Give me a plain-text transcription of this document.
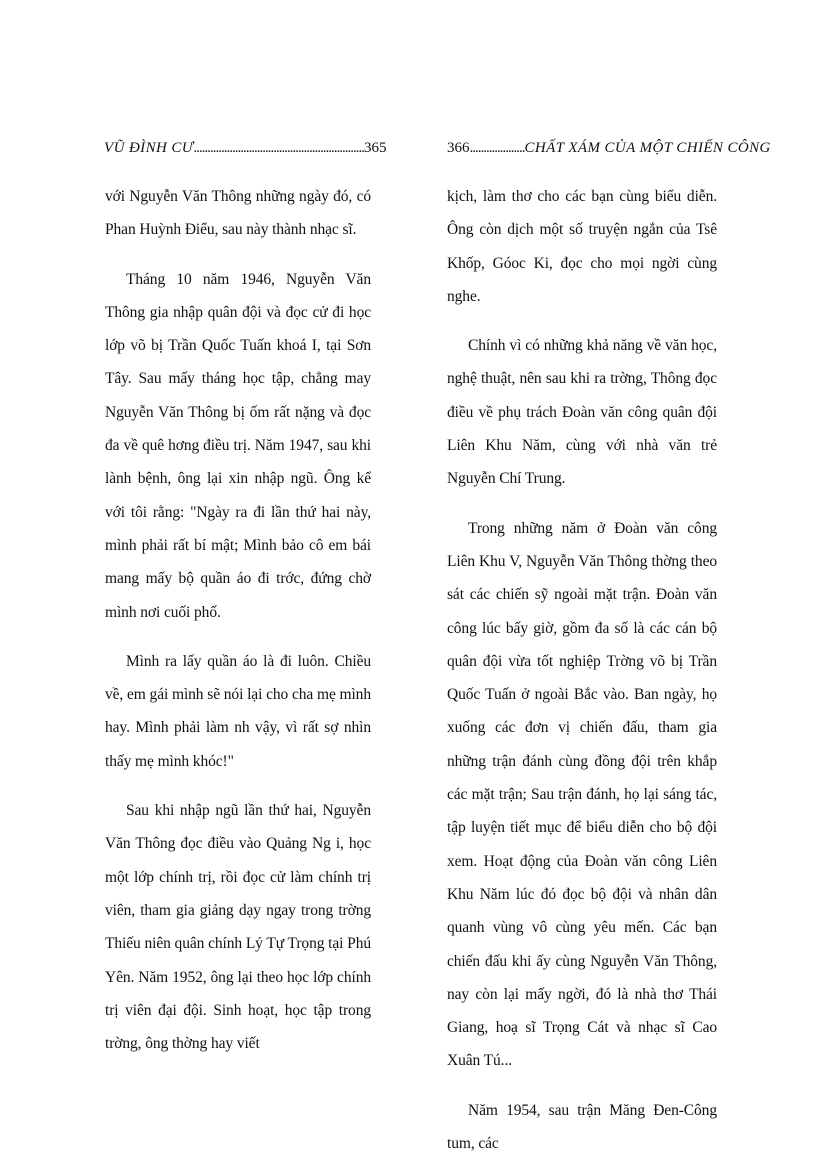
VŨ ĐÌNH CƯ .............................................................. 365	366 .................... CHẤT XÁM CỦA MỘT CHIẾN CÔNG

với Nguyễn Văn Thông những ngày đó, có Phan Huỳnh Điểu, sau này thành nhạc sĩ.

Tháng 10 năm 1946, Nguyễn Văn Thông gia nhập quân đội và đọc cử đi học lớp võ bị Trần Quốc Tuấn khoá I, tại Sơn Tây. Sau mấy tháng học tập, chẳng may Nguyễn Văn Thông bị ốm rất nặng và đọc đa về quê hơng điều trị. Năm 1947, sau khi lành bệnh, ông lại xin nhập ngũ. Ông kể với tôi rằng: "Ngày ra đi lần thứ hai này, mình phải rất bí mật; Mình bảo cô em bái mang mấy bộ quần áo đi trớc, đứng chờ mình nơi cuối phố.

Mình ra lấy quần áo là đi luôn. Chiều về, em gái mình sẽ nói lại cho cha mẹ mình hay. Mình phải làm nh vậy, vì rất sợ nhìn thấy mẹ mình khóc!"

Sau khi nhập ngũ lần thứ hai, Nguyễn Văn Thông đọc điều vào Quảng Ng i, học một lớp chính trị, rồi đọc cử làm chính trị viên, tham gia giảng dạy ngay trong trờng Thiếu niên quân chính Lý Tự Trọng tại Phú Yên. Năm 1952, ông lại theo học lớp chính trị viên đại đội. Sinh hoạt, học tập trong trờng, ông thờng hay viết

kịch, làm thơ cho các bạn cùng biểu diễn. Ông còn dịch một số truyện ngắn của Tsê Khốp, Góoc Ki, đọc cho mọi ngời cùng nghe.

Chính vì có những khả năng về văn học, nghệ thuật, nên sau khi ra trờng, Thông đọc điều về phụ trách Đoàn văn công quân đội Liên Khu Năm, cùng với nhà văn trẻ Nguyễn Chí Trung.

Trong những năm ở Đoàn văn công Liên Khu V, Nguyễn Văn Thông thờng theo sát các chiến sỹ ngoài mặt trận. Đoàn văn công lúc bấy giờ, gồm đa số là các cán bộ quân đội vừa tốt nghiệp Trờng võ bị Trần Quốc Tuấn ở ngoài Bắc vào. Ban ngày, họ xuống các đơn vị chiến đấu, tham gia những trận đánh cùng đồng đội trên khắp các mặt trận; Sau trận đánh, họ lại sáng tác, tập luyện tiết mục để biểu diễn cho bộ đội xem. Hoạt động của Đoàn văn công Liên Khu Năm lúc đó đọc bộ đội và nhân dân quanh vùng vô cùng yêu mến. Các bạn chiến đấu khi ấy cùng Nguyễn Văn Thông, nay còn lại mấy ngời, đó là nhà thơ Thái Giang, hoạ sĩ Trọng Cát và nhạc sĩ Cao Xuân Tú...

Năm 1954, sau trận Măng Đen-Công tum, các
